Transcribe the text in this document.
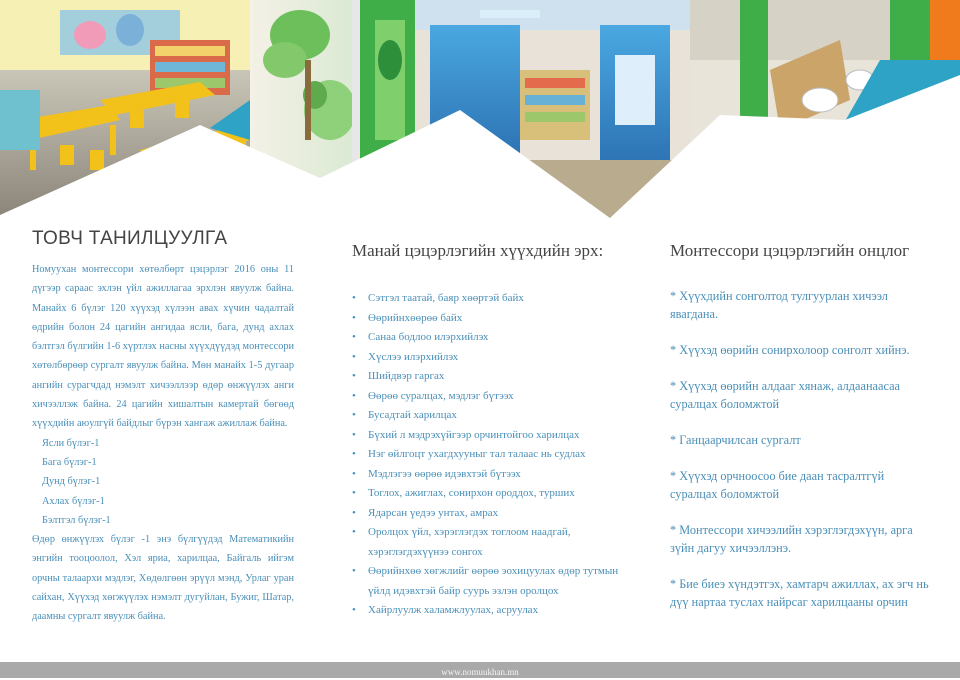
ТОВЧ ТАНИЛЦУУЛГА

Номуухан монтессори хөтөлбөрт цэцэрлэг 2016 оны 11 дүгээр сараас эхлэн үйл ажиллагаа эрхлэн явуулж байна. Манайх 6 бүлэг 120 хүүхэд хүлээн авах хүчин чадалтай өдрийн болон 24 цагийн ангидаа ясли, бага, дунд ахлах бэлтгэл бүлгийн 1-6 хүртлэх насны хүүхдүүдэд монтессори хөтөлбөрөөр сургалт явуулж байна. Мөн манайх 1-5 дугаар ангийн сурагчдад нэмэлт хичээллээр өдөр өнжүүлэх анги хичээллэж байна. 24 цагийн хишалтын камертай бөгөөд хүүхдийн аюулгүй байдлыг бүрэн хангаж ажиллаж байна.

Ясли бүлэг-1
Бага бүлэг-1
Дунд бүлэг-1
Ахлах бүлэг-1
Бэлтгэл бүлэг-1

Өдөр өнжүүлэх бүлэг -1 энэ бүлгүүдэд Математикийн энгийн тооцоолол, Хэл яриа, харилцаа, Байгаль ийгэм орчны талаархи мэдлэг, Хөдөлгөөн эрүүл мэнд, Урлаг уран сайхан, Хүүхэд хөгжүүлэх нэмэлт дугуйлан, Бужиг, Шатар, даамны сургалт явуулж байна.

Манай цэцэрлэгийн хүүхдийн эрх:
• Сэтгэл таатай, баяр хөөртэй байх
• Өөрийнхөөрөө байх
• Санаа бодлоо илэрхийлэх
• Хүслээ илэрхийлэх
• Шийдвэр гаргах
• Өөрөө суралцах, мэдлэг бүтээх
• Бусадтай харилцах
• Бүхий л мэдрэхүйгээр орчинтойгоо харилцах
• Нэг өйлгоцт ухагдхууныг тал талаас нь судлах
• Мэдлэгээ өөрөө идэвхтэй бүтээх
• Тоглох, ажиглах, сонирхон ороддох, турших
• Ядарсан үедээ унтах, амрах
• Оролцох үйл, хэрэглэгдэх тоглоом наадгай, хэрэглэгдэхүүнээ сонгох
• Өөрийнхөө хөгжлийг өөрөө эохицуулах өдөр тутмын үйлд идэвхтэй байр суурь эзлэн оролцох
• Хайрлуулж халамжлуулах, асруулах
Монтессори цэцэрлэгийн онцлог
* Хүүхдийн сонголтод тулгуурлан хичээл явагдана.
* Хүүхэд өөрийн сонирхолоор сонголт хийнэ.
* Хүүхэд өөрийн алдааг хянаж, алдаанаасаа суралцах боломжтой
* Ганцаарчилсан сургалт
* Хүүхэд орчноосоо бие даан тасралтгүй суралцах боломжтой
* Монтессори хичээлийн хэрэглэгдэхүүн, арга зүйн дагуу хичээллэнэ.
* Бие биеэ хүндэтгэх, хамтарч ажиллах, ах эгч нь дүү нартаа туслах найрсаг харилцааны орчин
www.nomuukhan.mn
